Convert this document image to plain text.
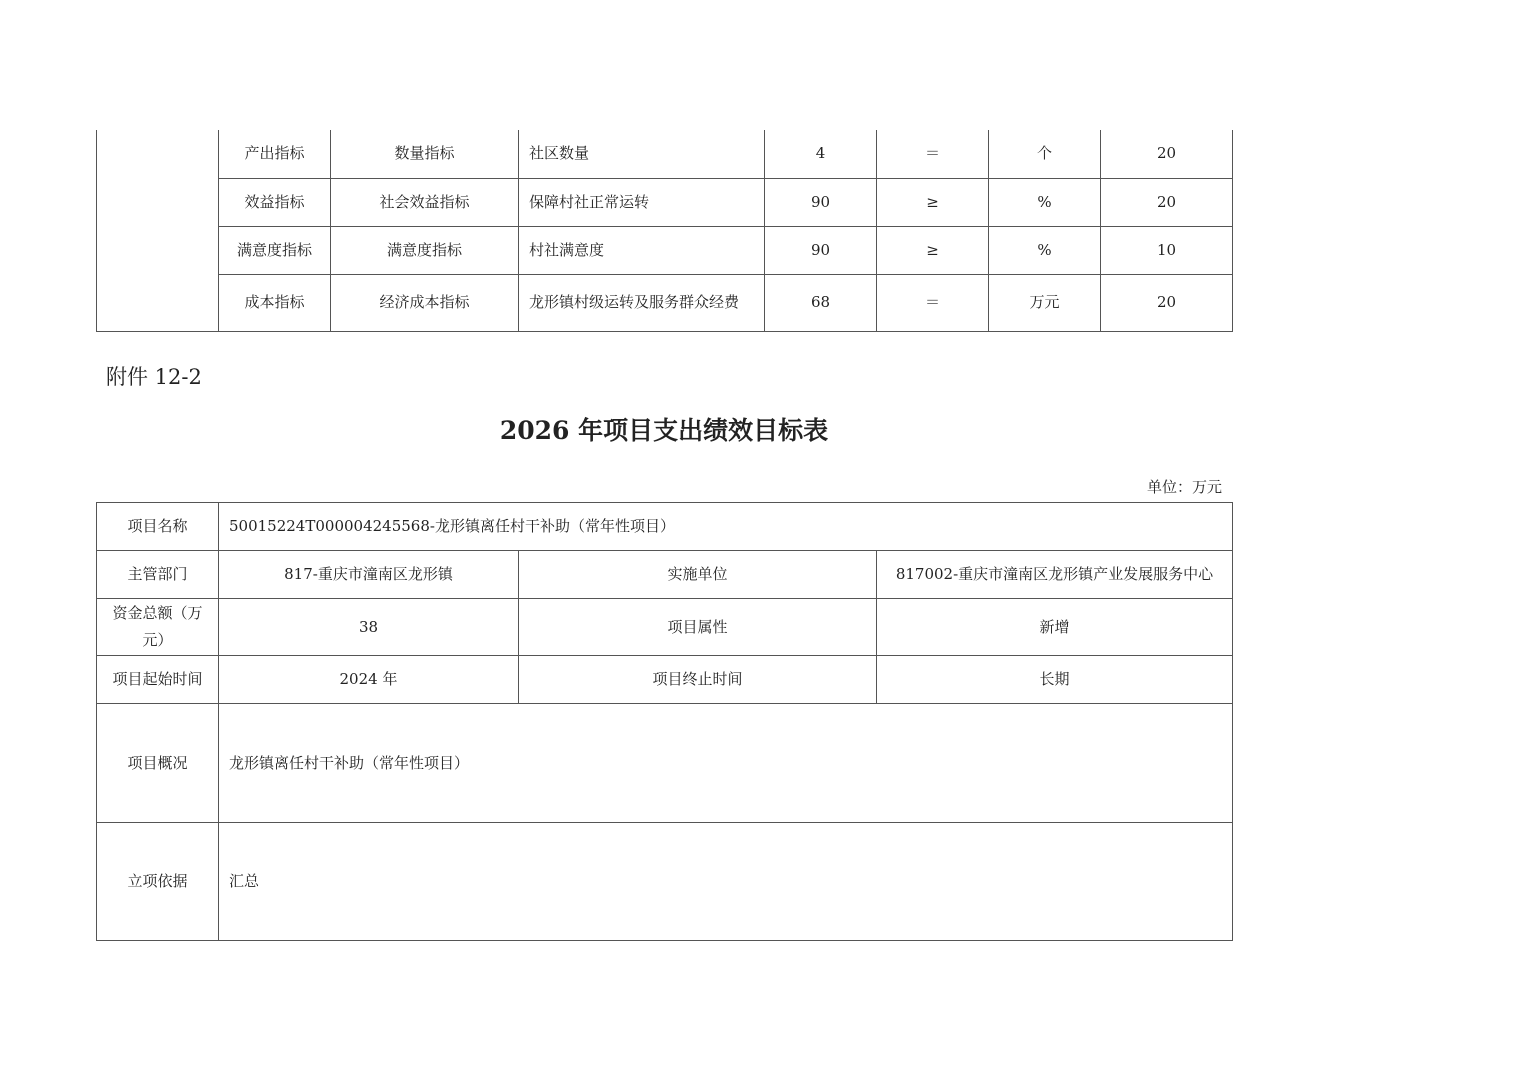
	产出指标	数量指标	社区数量	4	＝	个	20
	效益指标	社会效益指标	保障村社正常运转	90	≥	%	20
	满意度指标	满意度指标	村社满意度	90	≥	%	10
	成本指标	经济成本指标	龙形镇村级运转及服务群众经费	68	＝	万元	20
附件 12-2
2026 年项目支出绩效目标表
单位：万元
项目名称	50015224T000004245568-龙形镇离任村干补助（常年性项目）		
主管部门	817-重庆市潼南区龙形镇	实施单位	817002-重庆市潼南区龙形镇产业发展服务中心
资金总额（万元）	38	项目属性	新增
项目起始时间	2024 年	项目终止时间	长期
项目概况	龙形镇离任村干补助（常年性项目）		
立项依据	汇总		
